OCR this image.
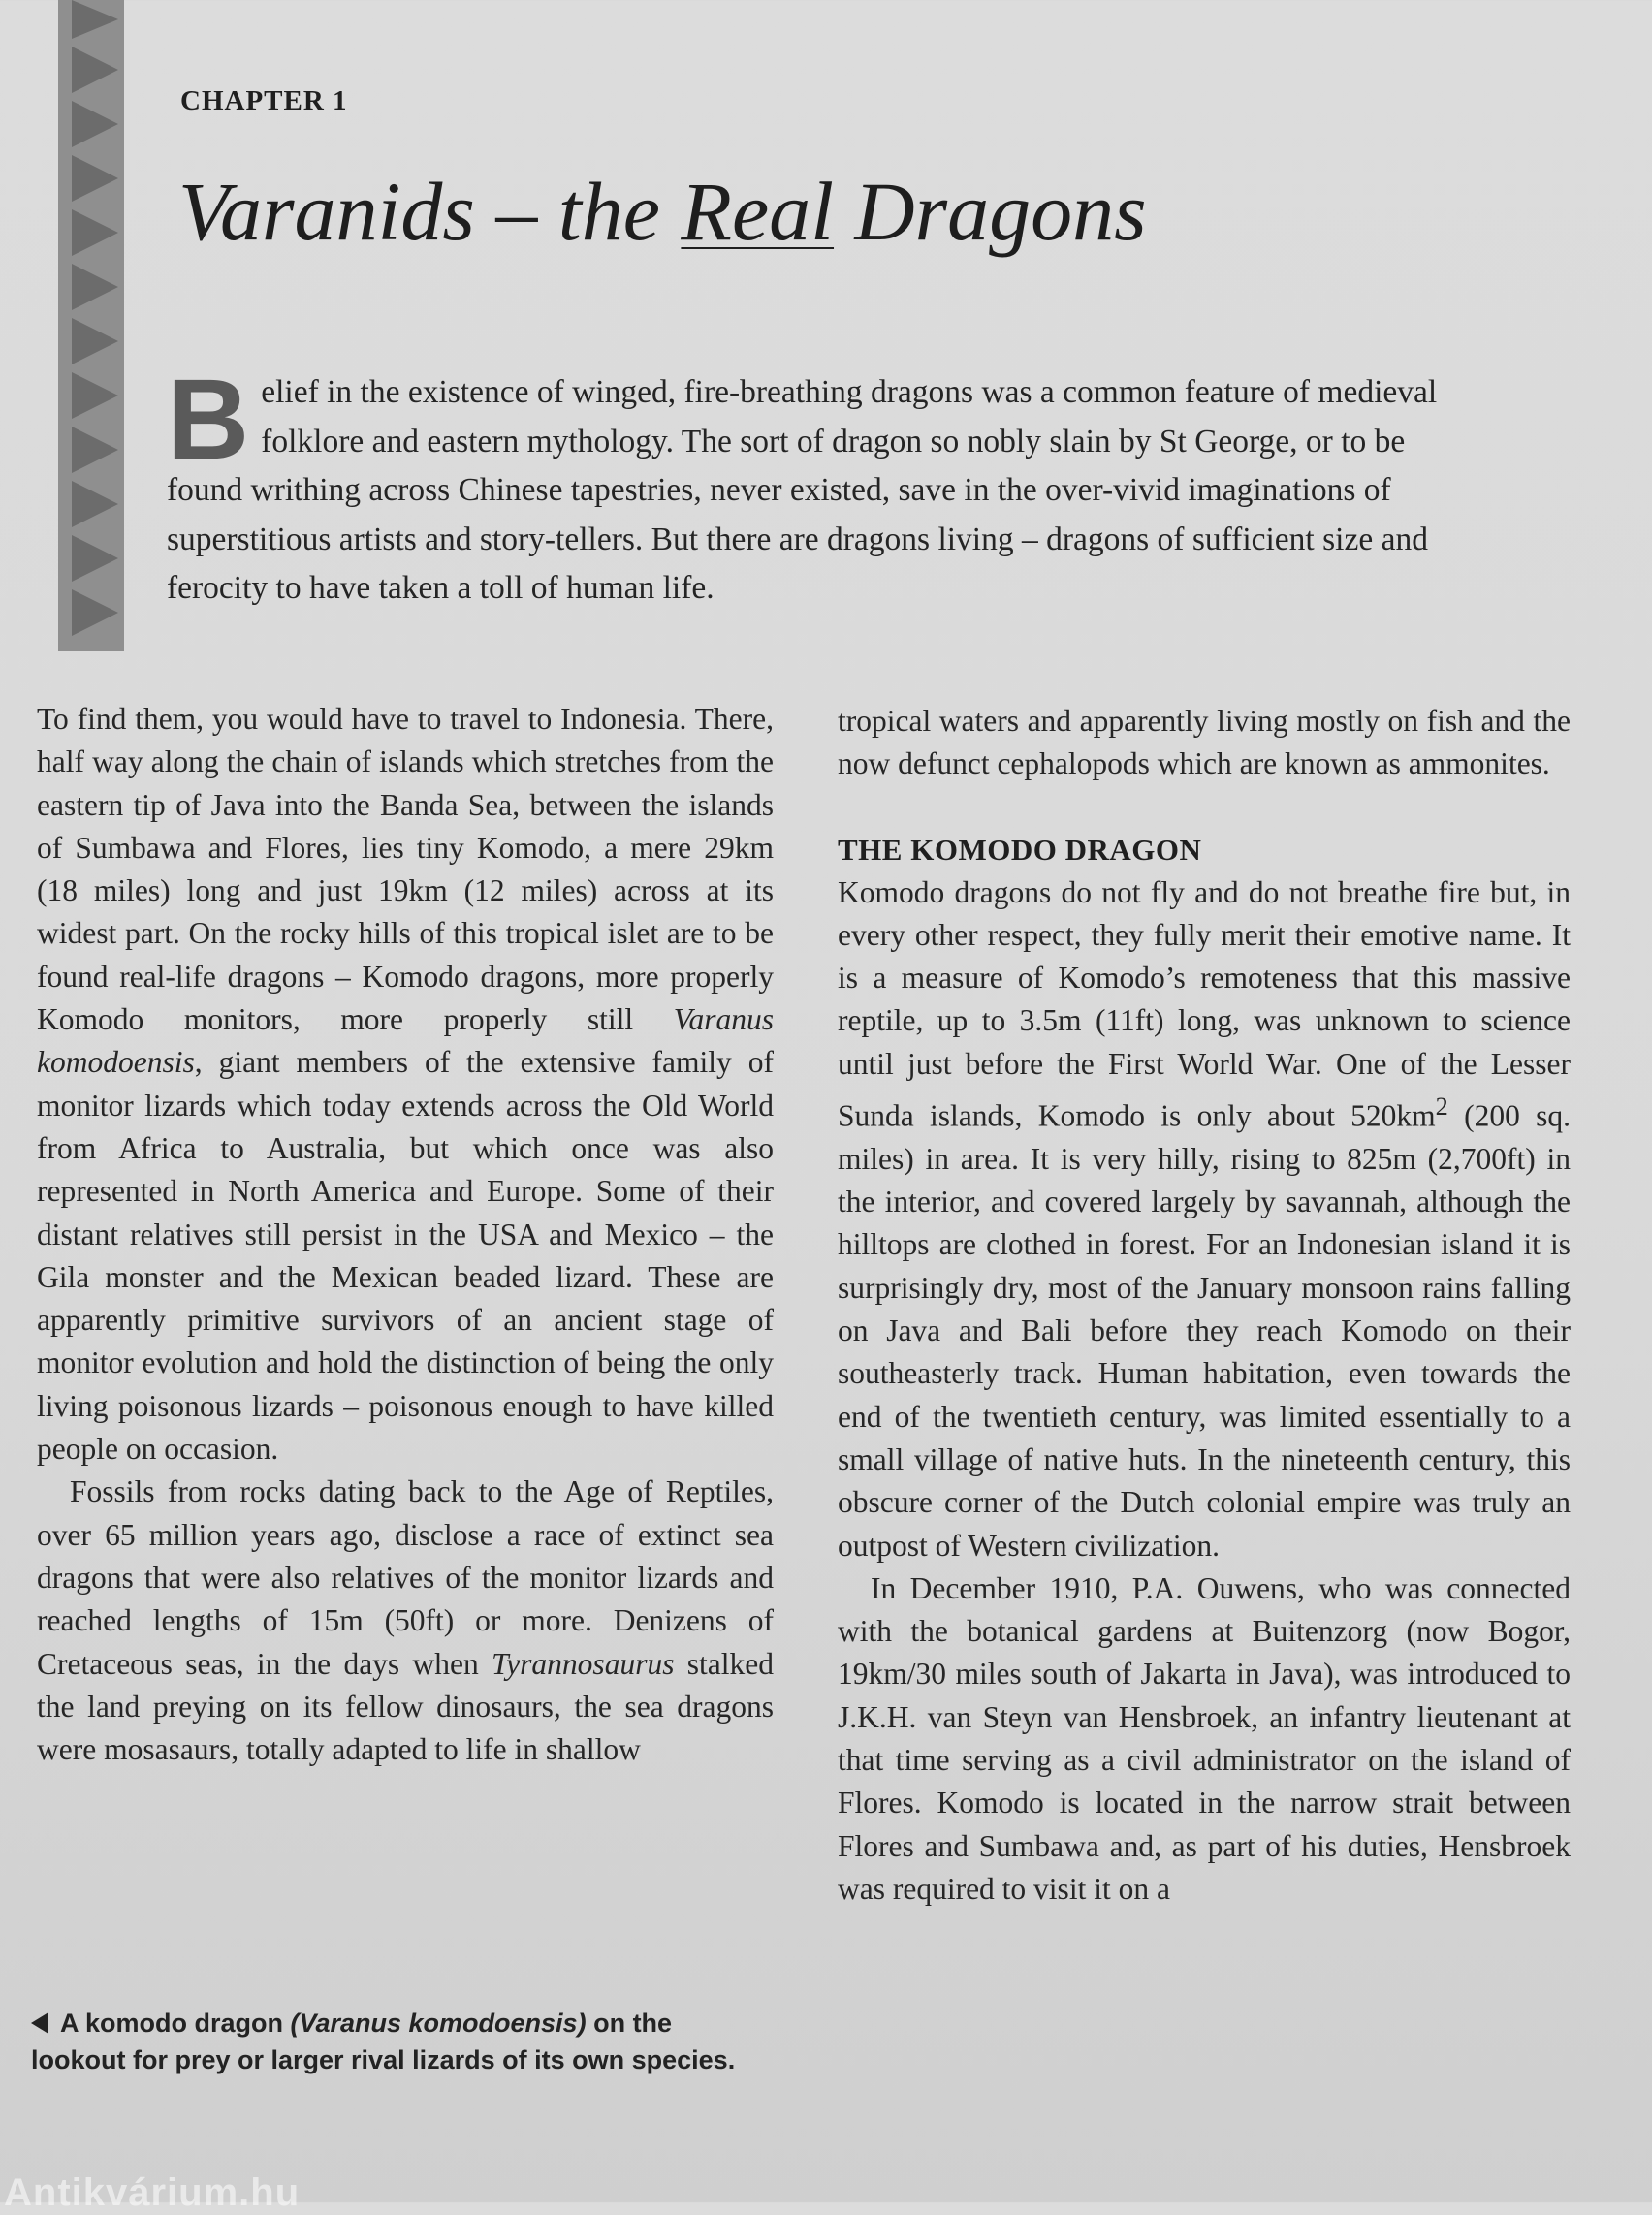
CHAPTER 1
Varanids – the Real Dragons

Belief in the existence of winged, fire-breathing dragons was a common feature of medieval folklore and eastern mythology. The sort of dragon so nobly slain by St George, or to be found writhing across Chinese tapestries, never existed, save in the over-vivid imaginations of superstitious artists and story-tellers. But there are dragons living – dragons of sufficient size and ferocity to have taken a toll of human life.

To find them, you would have to travel to Indonesia. There, half way along the chain of islands which stretches from the eastern tip of Java into the Banda Sea, between the islands of Sumbawa and Flores, lies tiny Komodo, a mere 29km (18 miles) long and just 19km (12 miles) across at its widest part. On the rocky hills of this tropical islet are to be found real-life dragons – Komodo dragons, more properly Komodo monitors, more properly still Varanus komodoensis, giant members of the extensive family of monitor lizards which today extends across the Old World from Africa to Australia, but which once was also represented in North America and Europe. Some of their distant relatives still persist in the USA and Mexico – the Gila monster and the Mexican beaded lizard. These are apparently primitive survivors of an ancient stage of monitor evolution and hold the distinction of being the only living poisonous lizards – poisonous enough to have killed people on occasion.

Fossils from rocks dating back to the Age of Reptiles, over 65 million years ago, disclose a race of extinct sea dragons that were also relatives of the monitor lizards and reached lengths of 15m (50ft) or more. Denizens of Cretaceous seas, in the days when Tyrannosaurus stalked the land preying on its fellow dinosaurs, the sea dragons were mosasaurs, totally adapted to life in shallow

tropical waters and apparently living mostly on fish and the now defunct cephalopods which are known as ammonites.

THE KOMODO DRAGON

Komodo dragons do not fly and do not breathe fire but, in every other respect, they fully merit their emotive name. It is a measure of Komodo’s remoteness that this massive reptile, up to 3.5m (11ft) long, was unknown to science until just before the First World War. One of the Lesser Sunda islands, Komodo is only about $520km^2$ (200 sq. miles) in area. It is very hilly, rising to 825m (2,700ft) in the interior, and covered largely by savannah, although the hilltops are clothed in forest. For an Indonesian island it is surprisingly dry, most of the January monsoon rains falling on Java and Bali before they reach Komodo on their southeasterly track. Human habitation, even towards the end of the twentieth century, was limited essentially to a small village of native huts. In the nineteenth century, this obscure corner of the Dutch colonial empire was truly an outpost of Western civilization.

In December 1910, P.A. Ouwens, who was connected with the botanical gardens at Buitenzorg (now Bogor, 19km/30 miles south of Jakarta in Java), was introduced to J.K.H. van Steyn van Hensbroek, an infantry lieutenant at that time serving as a civil administrator on the island of Flores. Komodo is located in the narrow strait between Flores and Sumbawa and, as part of his duties, Hensbroek was required to visit it on a

A komodo dragon (Varanus komodoensis) on the lookout for prey or larger rival lizards of its own species.
Antikvárium.hu
